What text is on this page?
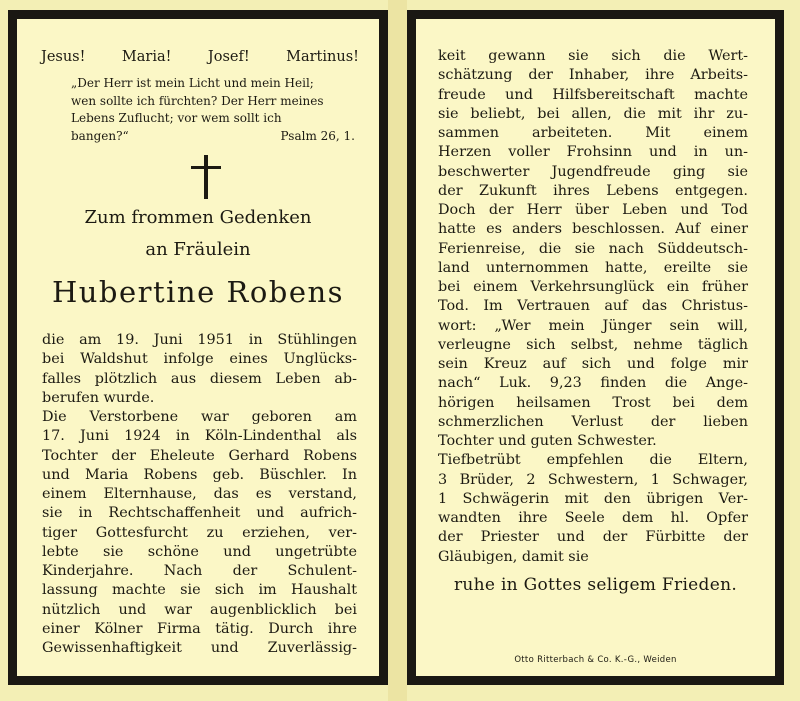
Jesus!	Maria!	Josef!	Martinus!
„Der Herr ist mein Licht und mein Heil;
wen sollte ich fürchten? Der Herr meines
Lebens Zuflucht; vor wem sollt ich
bangen?“	Psalm 26, 1.
Zum frommen Gedenken
an Fräulein
Hubertine Robens
die am 19. Juni 1951 in Stühlingen
bei Waldshut infolge eines Unglücks-
falles plötzlich aus diesem Leben ab-
berufen wurde.
Die Verstorbene war geboren am
17. Juni 1924 in Köln-Lindenthal als
Tochter der Eheleute Gerhard Robens
und Maria Robens geb. Büschler. In
einem Elternhause, das es verstand,
sie in Rechtschaffenheit und aufrich-
tiger Gottesfurcht zu erziehen, ver-
lebte sie schöne und ungetrübte
Kinderjahre. Nach der Schulent-
lassung machte sie sich im Haushalt
nützlich und war augenblicklich bei
einer Kölner Firma tätig. Durch ihre
Gewissenhaftigkeit und Zuverlässig-
keit gewann sie sich die Wert-
schätzung der Inhaber, ihre Arbeits-
freude und Hilfsbereitschaft machte
sie beliebt, bei allen, die mit ihr zu-
sammen arbeiteten. Mit einem
Herzen voller Frohsinn und in un-
beschwerter Jugendfreude ging sie
der Zukunft ihres Lebens entgegen.
Doch der Herr über Leben und Tod
hatte es anders beschlossen. Auf einer
Ferienreise, die sie nach Süddeutsch-
land unternommen hatte, ereilte sie
bei einem Verkehrsunglück ein früher
Tod. Im Vertrauen auf das Christus-
wort: „Wer mein Jünger sein will,
verleugne sich selbst, nehme täglich
sein Kreuz auf sich und folge mir
nach“ Luk. 9,23 finden die Ange-
hörigen heilsamen Trost bei dem
schmerzlichen Verlust der lieben
Tochter und guten Schwester.
Tiefbetrübt empfehlen die Eltern,
3 Brüder, 2 Schwestern, 1 Schwager,
1 Schwägerin mit den übrigen Ver-
wandten ihre Seele dem hl. Opfer
der Priester und der Fürbitte der
Gläubigen, damit sie
ruhe in Gottes seligem Frieden.
Otto Ritterbach & Co. K.-G., Weiden
